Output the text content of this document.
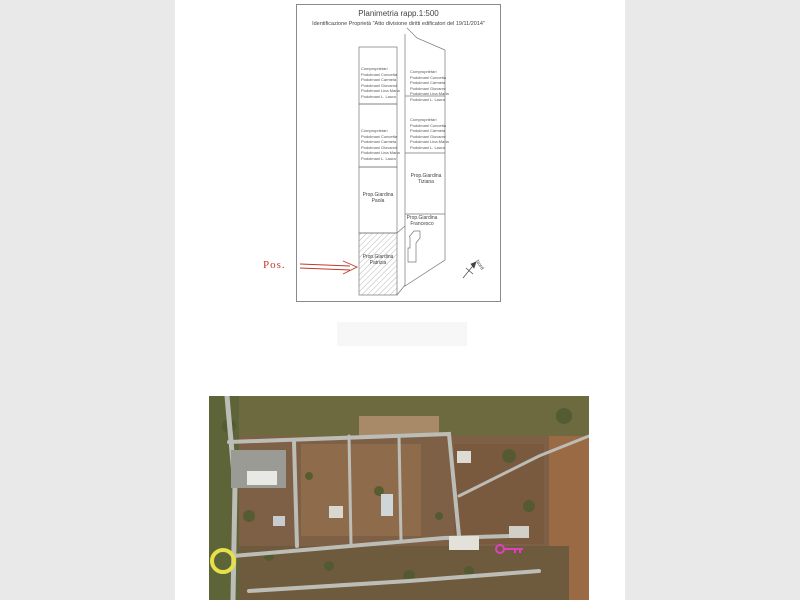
Planimetria rapp.1:500
Identificazione Proprietà "Atto divisione diritti edificatori del 19/11/2014"

Comproprietari
Podolmani Concetta
Podolmani Carmela
Podolmani Giovanni
Podolmani Lina Maria
Podolmani L. Laura

Comproprietari
Podolmani Concetta
Podolmani Carmela
Podolmani Giovanni
Podolmani Lina Maria
Podolmani L. Laura

Comproprietari
Podolmani Concetta
Podolmani Carmela
Podolmani Giovanni
Podolmani Lina Maria
Podolmani L. Laura

Comproprietari
Podolmani Concetta
Podolmani Carmela
Podolmani Giovanni
Podolmani Lina Maria
Podolmani L. Laura

Prop.Giardina
Paola
Prop.Giardina
Tiziana
Prop.Giardina
Francesco
Prop.Giardina
Patrizia
Pos.	Nord
